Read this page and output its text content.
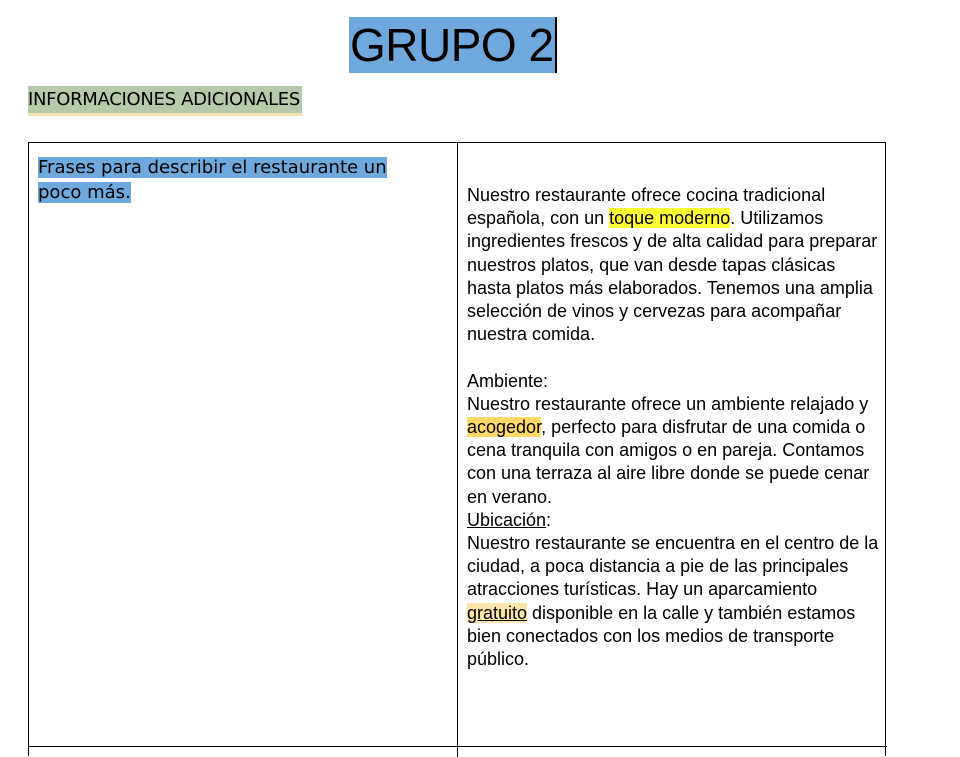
GRUPO 2
INFORMACIONES ADICIONALES
Frases para describir el restaurante un poco más.	Nuestro restaurante ofrece cocina tradicional española, con un toque moderno. Utilizamos ingredientes frescos y de alta calidad para preparar nuestros platos, que van desde tapas clásicas hasta platos más elaborados. Tenemos una amplia selección de vinos y cervezas para acompañar nuestra comida.

Ambiente:

Nuestro restaurante ofrece un ambiente relajado y acogedor, perfecto para disfrutar de una comida o cena tranquila con amigos o en pareja. Contamos con una terraza al aire libre donde se puede cenar en verano.

Ubicación:

Nuestro restaurante se encuentra en el centro de la ciudad, a poca distancia a pie de las principales atracciones turísticas. Hay un aparcamiento gratuito disponible en la calle y también estamos bien conectados con los medios de transporte público.
